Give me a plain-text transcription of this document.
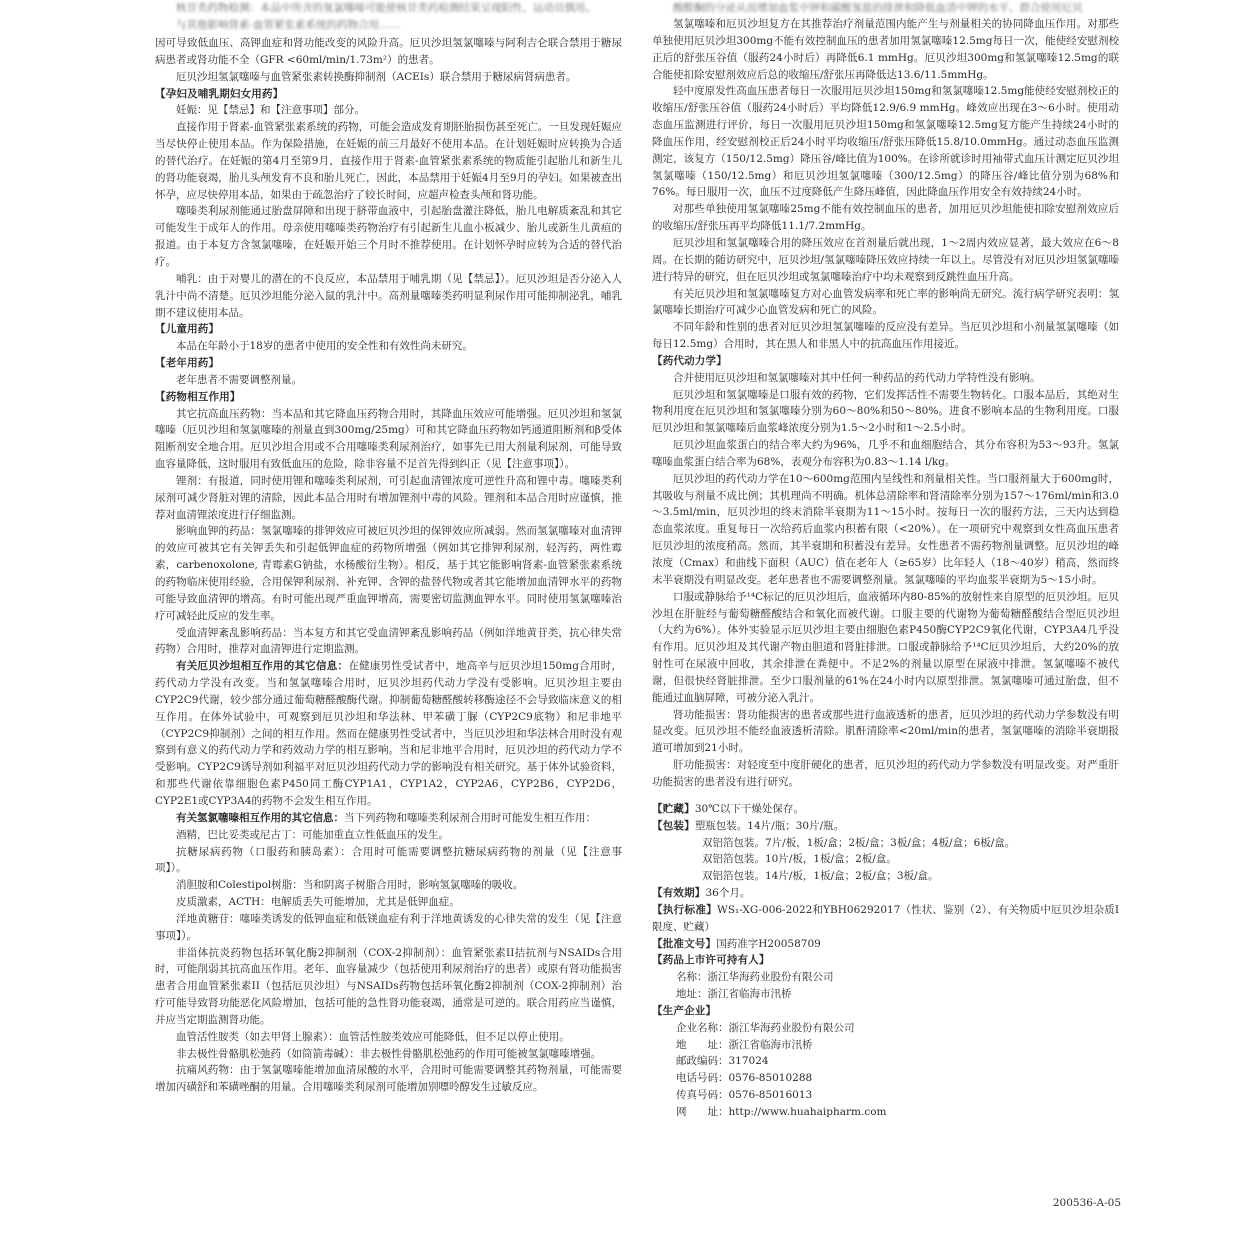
核苷类药物检测：本品中所含的氢氯噻嗪可能使核苷类药检测结果呈现阳性，运动员慎用。

与其他影响肾素-血管紧张素系统的药物合用……

因可导致低血压、高钾血症和肾功能改变的风险升高。厄贝沙坦氢氯噻嗪与阿利吉仑联合禁用于糖尿病患者或肾功能不全（GFR <60ml/min/1.73m²）的患者。

厄贝沙坦氢氯噻嗪与血管紧张素转换酶抑制剂（ACEIs）联合禁用于糖尿病肾病患者。

【孕妇及哺乳期妇女用药】

妊娠：见【禁忌】和【注意事项】部分。

直接作用于肾素-血管紧张素系统的药物，可能会造成发育期胚胎损伤甚至死亡。一旦发现妊娠应当尽快停止使用本品。作为保险措施，在妊娠的前三月最好不使用本品。在计划妊娠时应转换为合适的替代治疗。在妊娠的第4月至第9月，直接作用于肾素-血管紧张素系统的物质能引起胎儿和新生儿的肾功能衰竭，胎儿头颅发育不良和胎儿死亡，因此，本品禁用于妊娠4月至9月的孕妇。如果被查出怀孕，应尽快停用本品，如果由于疏忽治疗了较长时间，应超声检查头颅和肾功能。

噻嗪类利尿剂能通过胎盘屏障和出现于脐带血液中，引起胎盘灌注降低，胎儿电解质紊乱和其它可能发生于成年人的作用。母亲使用噻嗪类药物治疗有引起新生儿血小板减少、胎儿或新生儿黄疸的报道。由于本复方含氢氯噻嗪，在妊娠开始三个月时不推荐使用。在计划怀孕时应转为合适的替代治疗。

哺乳：由于对婴儿的潜在的不良反应，本品禁用于哺乳期（见【禁忌】）。厄贝沙坦是否分泌入人乳汁中尚不清楚。厄贝沙坦能分泌入鼠的乳汁中。高剂量噻嗪类药明显利尿作用可能抑制泌乳，哺乳期不建议使用本品。

【儿童用药】

本品在年龄小于18岁的患者中使用的安全性和有效性尚未研究。

【老年用药】

老年患者不需要调整剂量。

【药物相互作用】

其它抗高血压药物：当本品和其它降血压药物合用时，其降血压效应可能增强。厄贝沙坦和氢氯噻嗪（厄贝沙坦和氢氯噻嗪的剂量直到300mg/25mg）可和其它降血压药物如钙通道阻断剂和β受体阻断剂安全地合用。厄贝沙坦合用或不合用噻嗪类利尿剂治疗，如事先已用大剂量利尿剂，可能导致血容量降低，这时服用有致低血压的危险，除非容量不足首先得到纠正（见【注意事项】）。

锂剂：有报道，同时使用锂和噻嗪类利尿剂，可引起血清锂浓度可逆性升高和锂中毒。噻嗪类利尿剂可减少肾脏对锂的清除，因此本品合用时有增加锂剂中毒的风险。锂剂和本品合用时应谨慎，推荐对血清锂浓度进行仔细监测。

影响血钾的药品：氢氯噻嗪的排钾效应可被厄贝沙坦的保钾效应所减弱。然而氢氯噻嗪对血清钾的效应可被其它有关钾丢失和引起低钾血症的药物所增强（例如其它排钾利尿剂，轻泻药，两性霉素，carbenoxolone, 青霉素G钠盐，水杨酸衍生物）。相反，基于其它能影响肾素-血管紧张素系统的药物临床使用经验，合用保钾利尿剂、补充钾、含钾的盐替代物或者其它能增加血清钾水平的药物可能导致血清钾的增高。有时可能出现严重血钾增高，需要密切监测血钾水平。同时使用氢氯噻嗪治疗可减轻此反应的发生率。

受血清钾紊乱影响药品：当本复方和其它受血清钾紊乱影响药品（例如洋地黄苷类，抗心律失常药物）合用时，推荐对血清钾进行定期监测。

有关厄贝沙坦相互作用的其它信息：在健康男性受试者中，地高辛与厄贝沙坦150mg合用时，药代动力学没有改变。当和氢氯噻嗪合用时，厄贝沙坦药代动力学没有受影响。厄贝沙坦主要由CYP2C9代谢，较少部分通过葡萄糖醛酸酶代谢。抑制葡萄糖醛酸转移酶途径不会导致临床意义的相互作用。在体外试验中，可观察到厄贝沙坦和华法林、甲苯磺丁脲（CYP2C9底物）和尼非地平（CYP2C9抑制剂）之间的相互作用。然而在健康男性受试者中，当厄贝沙坦和华法林合用时没有观察到有意义的药代动力学和药效动力学的相互影响。当和尼非地平合用时，厄贝沙坦的药代动力学不受影响。CYP2C9诱导剂如利福平对厄贝沙坦药代动力学的影响没有相关研究。基于体外试验资料，和那些代谢依靠细胞色素P450同工酶CYP1A1，CYP1A2，CYP2A6，CYP2B6，CYP2D6，CYP2E1或CYP3A4的药物不会发生相互作用。

有关氢氯噻嗪相互作用的其它信息：当下列药物和噻嗪类利尿剂合用时可能发生相互作用：

酒精，巴比妥类或尼古丁：可能加重直立性低血压的发生。

抗糖尿病药物（口服药和胰岛素）：合用时可能需要调整抗糖尿病药物的剂量（见【注意事项】）。

消胆胺和Colestipol树脂：当和阴离子树脂合用时，影响氢氯噻嗪的吸收。

皮质激素，ACTH：电解质丢失可能增加，尤其是低钾血症。

洋地黄糖苷：噻嗪类诱发的低钾血症和低镁血症有利于洋地黄诱发的心律失常的发生（见【注意事项】）。

非甾体抗炎药物包括环氧化酶2抑制剂（COX-2抑制剂）：血管紧张素II拮抗剂与NSAIDs合用时，可能削弱其抗高血压作用。老年、血容量减少（包括使用利尿剂治疗的患者）或原有肾功能损害患者合用血管紧张素II（包括厄贝沙坦）与NSAIDs药物包括环氧化酶2抑制剂（COX-2抑制剂）治疗可能导致肾功能恶化风险增加，包括可能的急性肾功能衰竭，通常是可逆的。联合用药应当谨慎，并应当定期监测肾功能。

血管活性胺类（如去甲肾上腺素）：血管活性胺类效应可能降低，但不足以停止使用。

非去极性骨骼肌松弛药（如筒箭毒碱）：非去极性骨骼肌松弛药的作用可能被氢氯噻嗪增强。

抗痛风药物：由于氢氯噻嗪能增加血清尿酸的水平，合用时可能需要调整其药物剂量，可能需要增加丙磺舒和苯磺唑酮的用量。合用噻嗪类利尿剂可能增加别嘌呤醇发生过敏反应。

酸醛酮的分泌从而增加血浆中钾和碳酸氢盐的排泄和降低血清中钾的水平。群合使用厄贝

氢氯噻嗪和厄贝沙坦复方在其推荐治疗剂量范围内能产生与剂量相关的协同降血压作用。对那些单独使用厄贝沙坦300mg不能有效控制血压的患者加用氢氯噻嗪12.5mg每日一次，能使经安慰剂校正后的舒张压谷值（服药24小时后）再降低6.1 mmHg。厄贝沙坦300mg和氢氯噻嗪12.5mg的联合能使扣除安慰剂效应后总的收缩压/舒张压再降低达13.6/11.5mmHg。

轻中度原发性高血压患者每日一次服用厄贝沙坦150mg和氢氯噻嗪12.5mg能使经安慰剂校正的收缩压/舒张压谷值（服药24小时后）平均降低12.9/6.9 mmHg。峰效应出现在3～6小时。使用动态血压监测进行评价，每日一次服用厄贝沙坦150mg和氢氯噻嗪12.5mg复方能产生持续24小时的降血压作用，经安慰剂校正后24小时平均收缩压/舒张压降低15.8/10.0mmHg。通过动态血压监测测定，该复方（150/12.5mg）降压谷/峰比值为100%。在诊所就诊时用袖带式血压计测定厄贝沙坦氢氯噻嗪（150/12.5mg）和厄贝沙坦氢氯噻嗪（300/12.5mg）的降压谷/峰比值分别为68%和76%。每日服用一次，血压不过度降低产生降压峰值，因此降血压作用安全有效持续24小时。

对那些单独使用氢氯噻嗪25mg不能有效控制血压的患者，加用厄贝沙坦能使扣除安慰剂效应后的收缩压/舒张压再平均降低11.1/7.2mmHg。

厄贝沙坦和氢氯噻嗪合用的降压效应在首剂量后就出现，1～2周内效应显著，最大效应在6～8周。在长期的随访研究中，厄贝沙坦/氢氯噻嗪降压效应持续一年以上。尽管没有对厄贝沙坦氢氯噻嗪进行特异的研究，但在厄贝沙坦或氢氯噻嗪治疗中均未观察到反跳性血压升高。

有关厄贝沙坦和氢氯噻嗪复方对心血管发病率和死亡率的影响尚无研究。流行病学研究表明：氢氯噻嗪长期治疗可减少心血管发病和死亡的风险。

不同年龄和性别的患者对厄贝沙坦氢氯噻嗪的反应没有差异。当厄贝沙坦和小剂量氢氯噻嗪（如每日12.5mg）合用时，其在黑人和非黑人中的抗高血压作用接近。

【药代动力学】

合并使用厄贝沙坦和氢氯噻嗪对其中任何一种药品的药代动力学特性没有影响。

厄贝沙坦和氢氯噻嗪是口服有效的药物，它们发挥活性不需要生物转化。口服本品后，其绝对生物利用度在厄贝沙坦和氢氯噻嗪分别为60～80%和50～80%。进食不影响本品的生物利用度。口服厄贝沙坦和氢氯噻嗪后血浆峰浓度分别为1.5～2小时和1～2.5小时。

厄贝沙坦血浆蛋白的结合率大约为96%，几乎不和血细胞结合，其分布容积为53～93升。氢氯噻嗪血浆蛋白结合率为68%，表观分布容积为0.83～1.14 l/kg。

厄贝沙坦的药代动力学在10～600mg范围内呈线性和剂量相关性。当口服剂量大于600mg时，其吸收与剂量不成比例；其机理尚不明确。机体总清除率和肾清除率分别为157～176ml/min和3.0～3.5ml/min，厄贝沙坦的终末消除半衰期为11～15小时。按每日一次的服药方法，三天内达到稳态血浆浓度。重复每日一次给药后血浆内积蓄有限（<20%）。在一项研究中观察到女性高血压患者厄贝沙坦的浓度稍高。然而，其半衰期和积蓄没有差异。女性患者不需药物剂量调整。厄贝沙坦的峰浓度（Cmax）和曲线下面积（AUC）值在老年人（≥65岁）比年轻人（18～40岁）稍高，然而终末半衰期没有明显改变。老年患者也不需要调整剂量。氢氯噻嗪的平均血浆半衰期为5～15小时。

口服或静脉给予¹⁴C标记的厄贝沙坦后，血液循环内80-85%的放射性来自原型的厄贝沙坦。厄贝沙坦在肝脏经与葡萄糖醛酸结合和氧化而被代谢。口服主要的代谢物为葡萄糖醛酸结合型厄贝沙坦（大约为6%）。体外实验显示厄贝沙坦主要由细胞色素P450酶CYP2C9氧化代谢，CYP3A4几乎没有作用。厄贝沙坦及其代谢产物由胆道和肾脏排泄。口服或静脉给予¹⁴C厄贝沙坦后，大约20%的放射性可在尿液中回收，其余排泄在粪便中。不足2%的剂量以原型在尿液中排泄。氢氯噻嗪不被代谢，但很快经肾脏排泄。至少口服剂量的61%在24小时内以原型排泄。氢氯噻嗪可通过胎盘，但不能通过血脑屏障，可被分泌入乳汁。

肾功能损害：肾功能损害的患者或那些进行血液透析的患者，厄贝沙坦的药代动力学参数没有明显改变。厄贝沙坦不能经血液透析清除。肌酐清除率<20ml/min的患者，氢氯噻嗪的消除半衰期报道可增加到21小时。

肝功能损害：对轻度至中度肝硬化的患者，厄贝沙坦的药代动力学参数没有明显改变。对严重肝功能损害的患者没有进行研究。

【贮藏】30℃以下干燥处保存。

【包装】塑瓶包装。14片/瓶；30片/瓶。

双铝箔包装。7片/板，1板/盒；2板/盒；3板/盒；4板/盒；6板/盒。

双铝箔包装。10片/板，1板/盒；2板/盒。

双铝箔包装。14片/板，1板/盒；2板/盒；3板/盒。

【有效期】36个月。

【执行标准】WS₁-XG-006-2022和YBH06292017（性状、鉴别（2）、有关物质中厄贝沙坦杂质I限度、贮藏）

【批准文号】国药准字H20058709

【药品上市许可持有人】

名称：浙江华海药业股份有限公司

地址：浙江省临海市汛桥

【生产企业】

企业名称：浙江华海药业股份有限公司

地　　址：浙江省临海市汛桥

邮政编码：317024

电话号码：0576-85010288

传真号码：0576-85016013

网　　址：http://www.huahaipharm.com

200536-A-05
